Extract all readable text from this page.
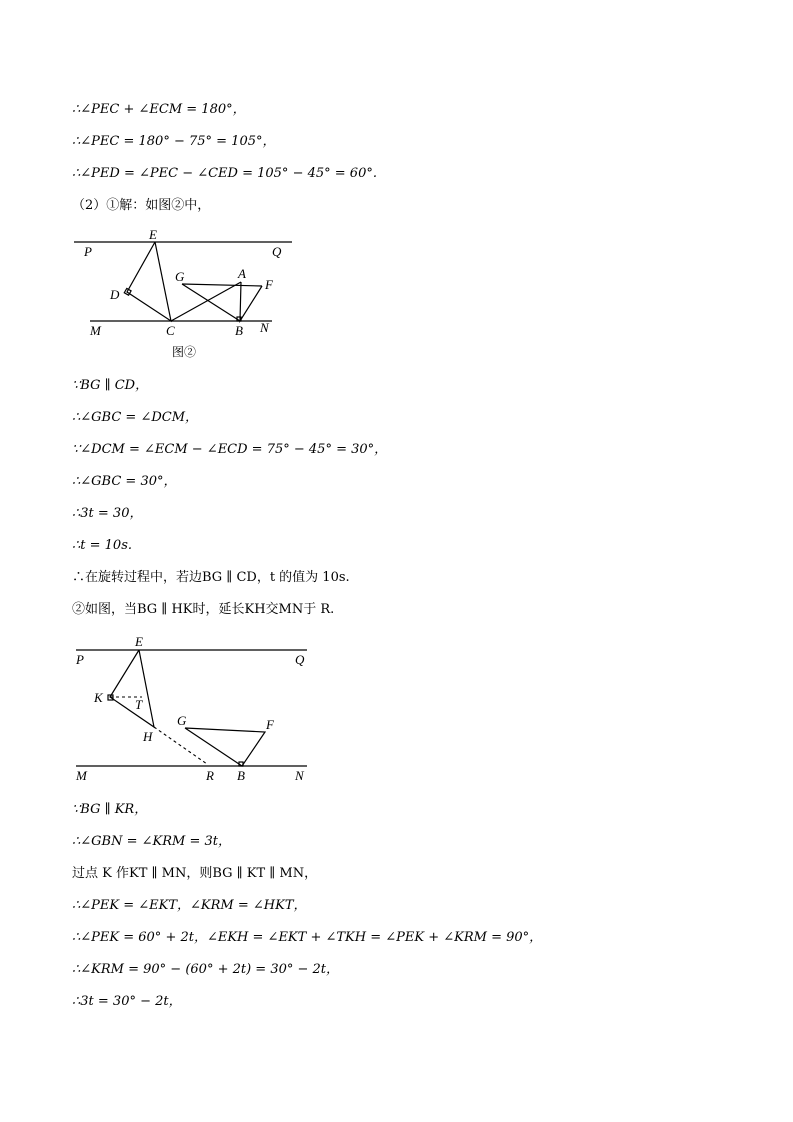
∴∠PEC + ∠ECM = 180°，
∴∠PEC = 180° − 75° = 105°，
∴∠PED = ∠PEC − ∠CED = 105° − 45° = 60°.
（2）①解：如图②中，
E
P	Q
G	A
F
D
M	C	B N
图②
∵BG ∥ CD，
∴∠GBC = ∠DCM，
∵∠DCM = ∠ECM − ∠ECD = 75° − 45° = 30°，
∴∠GBC = 30°，
∴3t = 30，
∴t = 10s.
∴在旋转过程中，若边BG ∥ CD，t 的值为 10s.
②如图，当BG ∥ HK时，延长KH交MN于 R.
E
P	Q
K T
G	F
H
M	R B	N
∵BG ∥ KR，
∴∠GBN = ∠KRM = 3t，
过点 K 作KT ∥ MN，则BG ∥ KT ∥ MN，
∴∠PEK = ∠EKT，∠KRM = ∠HKT，
∴∠PEK = 60° + 2t，∠EKH = ∠EKT + ∠TKH = ∠PEK + ∠KRM = 90°，
∴∠KRM = 90° − (60° + 2t) = 30° − 2t，
∴3t = 30° − 2t，
